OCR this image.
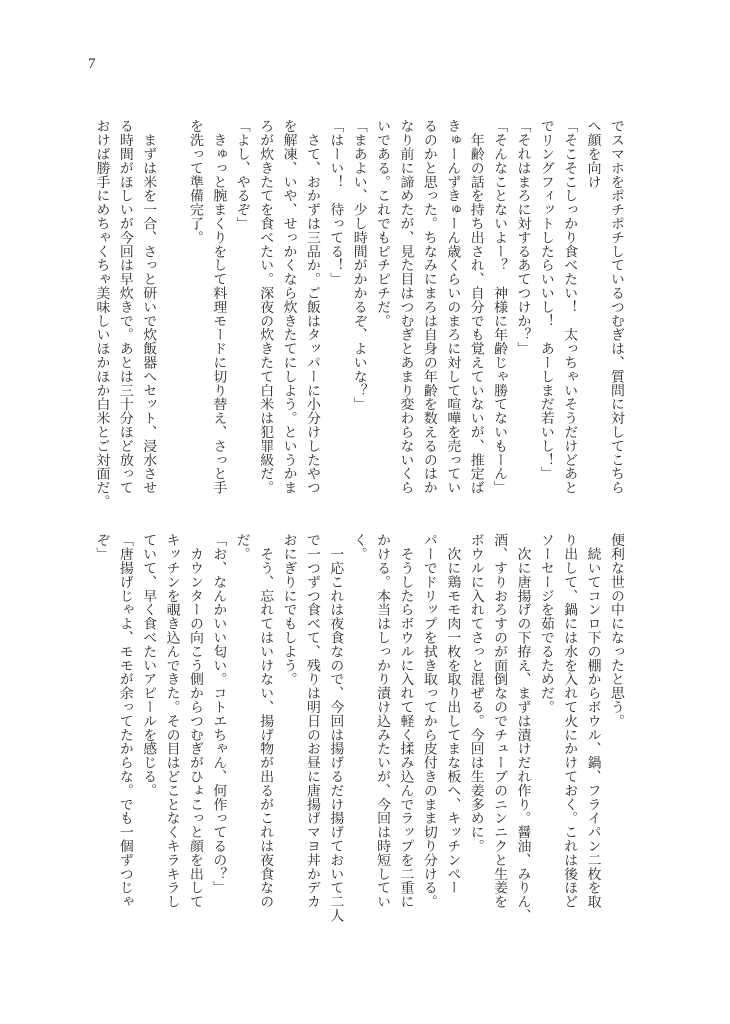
7
でスマホをポチポチしているつむぎは、質問に対してこちら
へ顔を向け
「そこそこしっかり食べたい！　太っちゃいそうだけどあと
でリングフィットしたらいいし！　あーしまだ若いし！」
「それはまろに対するあてつけか？」
「そんなことないよー？　神様に年齢じゃ勝てないもーん」
　年齢の話を持ち出され、自分でも覚えていないが、推定ば
きゅーんずきゅーん歳くらいのまろに対して喧嘩を売ってい
るのかと思った。ちなみにまろは自身の年齢を数えるのはか
なり前に諦めたが、見た目はつむぎとあまり変わらないくら
いである。これでもピチピチだ。
「まあよい、少し時間がかかるぞ、よいな？」
「はーい！　待ってる！」
　さて、おかずは三品か。ご飯はタッパーに小分けしたやつ
を解凍、いや、せっかくなら炊きたてにしよう。というかま
ろが炊きたてを食べたい。深夜の炊きたて白米は犯罪級だ。
「よし、やるぞ」
　きゅっと腕まくりをして料理モードに切り替え、さっと手
を洗って準備完了。
　まずは米を一合、さっと研いで炊飯器へセット、浸水させ
る時間がほしいが今回は早炊きで。あとは三十分ほど放って
おけば勝手にめちゃくちゃ美味しいほかほか白米とご対面だ。
便利な世の中になったと思う。
　続いてコンロ下の棚からボウル、鍋、フライパン二枚を取
り出して、鍋には水を入れて火にかけておく。これは後ほど
ソーセージを茹でるためだ。
　次に唐揚げの下拵え、まずは漬けだれ作り。醤油、みりん、
酒、すりおろすのが面倒なのでチューブのニンニクと生姜を
ボウルに入れてさっと混ぜる。今回は生姜多めに。
　次に鶏モモ肉一枚を取り出してまな板へ、キッチンペー
パーでドリップを拭き取ってから皮付きのまま切り分ける。
　そうしたらボウルに入れて軽く揉み込んでラップを二重に
かける。本当はしっかり漬け込みたいが、今回は時短してい
く。
　一応これは夜食なので、今回は揚げるだけ揚げておいて二人
で一つずつ食べて、残りは明日のお昼に唐揚げマヨ丼かデカ
おにぎりにでもしよう。
　そう、忘れてはいけない、揚げ物が出るがこれは夜食なの
だ。
「お、なんかいい匂い。コトエちゃん、何作ってるの？」
　カウンターの向こう側からつむぎがひょこっと顔を出して
キッチンを覗き込んできた。その目はどことなくキラキラし
ていて、早く食べたいアピールを感じる。
「唐揚げじゃよ、モモが余ってたからな。でも一個ずつじゃ
ぞ」
